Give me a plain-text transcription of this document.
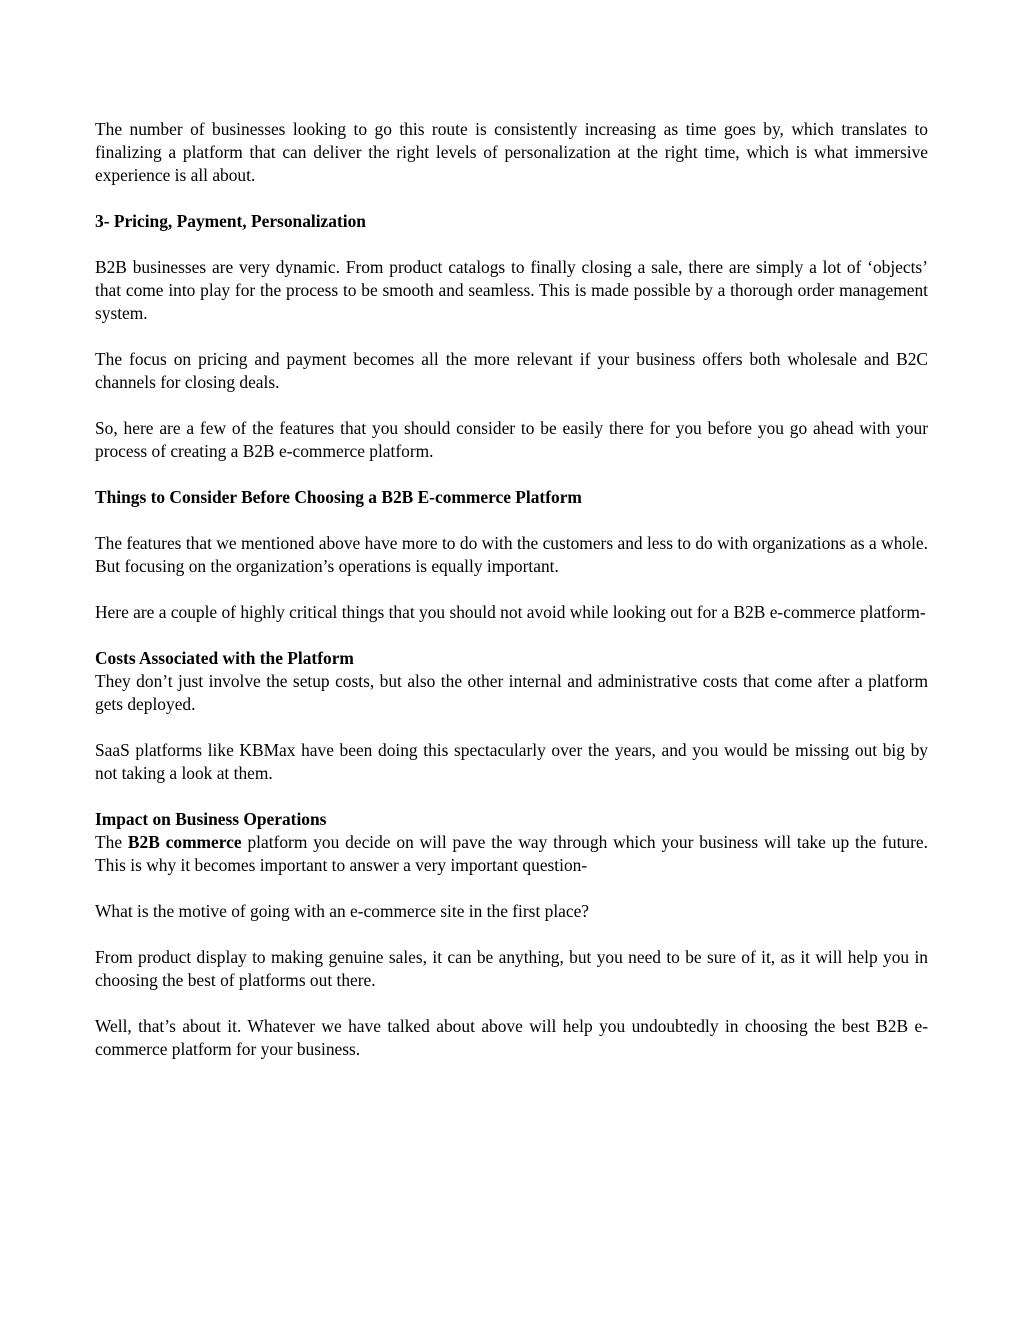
The number of businesses looking to go this route is consistently increasing as time goes by, which translates to finalizing a platform that can deliver the right levels of personalization at the right time, which is what immersive experience is all about.

3- Pricing, Payment, Personalization

B2B businesses are very dynamic. From product catalogs to finally closing a sale, there are simply a lot of ‘objects’ that come into play for the process to be smooth and seamless. This is made possible by a thorough order management system.

The focus on pricing and payment becomes all the more relevant if your business offers both wholesale and B2C channels for closing deals.

So, here are a few of the features that you should consider to be easily there for you before you go ahead with your process of creating a B2B e-commerce platform.

Things to Consider Before Choosing a B2B E-commerce Platform

The features that we mentioned above have more to do with the customers and less to do with organizations as a whole. But focusing on the organization’s operations is equally important.

Here are a couple of highly critical things that you should not avoid while looking out for a B2B e-commerce platform-

Costs Associated with the Platform

They don’t just involve the setup costs, but also the other internal and administrative costs that come after a platform gets deployed.

SaaS platforms like KBMax have been doing this spectacularly over the years, and you would be missing out big by not taking a look at them.

Impact on Business Operations

The B2B commerce platform you decide on will pave the way through which your business will take up the future. This is why it becomes important to answer a very important question-

What is the motive of going with an e-commerce site in the first place?

From product display to making genuine sales, it can be anything, but you need to be sure of it, as it will help you in choosing the best of platforms out there.

Well, that’s about it. Whatever we have talked about above will help you undoubtedly in choosing the best B2B e-commerce platform for your business.
